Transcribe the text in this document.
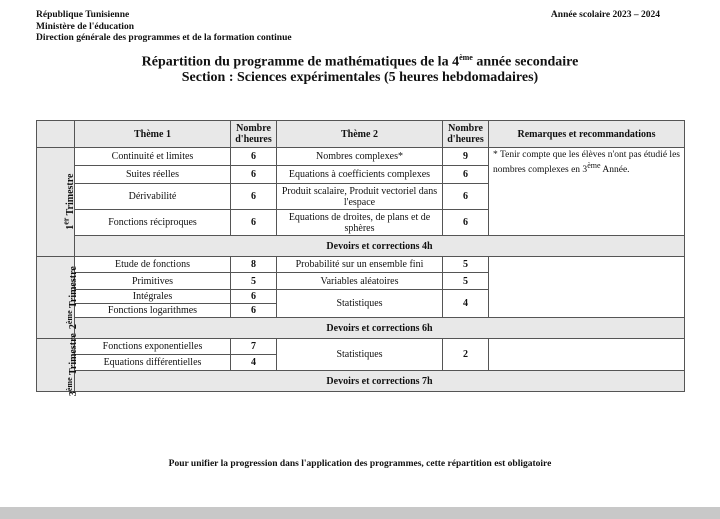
République Tunisienne
Ministère de l'éducation
Direction générale des programmes et de la formation continue
Année scolaire 2023 – 2024
Répartition du programme de mathématiques de la 4ème année secondaire
Section : Sciences expérimentales (5 heures hebdomadaires)
	Thème 1	Nombre d'heures	Thème 2	Nombre d'heures	Remarques et recommandations
1er Trimestre	Continuité et limites	6	Nombres complexes*	9	* Tenir compte que les élèves n'ont pas étudié les nombres complexes en 3ème Année.
	Suites réelles	6	Equations à coefficients complexes	6	
	Dérivabilité	6	Produit scalaire, Produit vectoriel dans l'espace	6	
	Fonctions réciproques	6	Equations de droites, de plans et de sphères	6	
	Devoirs et corrections 4h				
2ème Trimestre	Etude de fonctions	8	Probabilité sur un ensemble fini	5	
	Primitives	5	Variables aléatoires	5	
	Intégrales	6	Statistiques	4	
	Fonctions logarithmes	6			
	Devoirs et corrections 6h				
3ème Trimestre	Fonctions exponentielles	7	Statistiques	2	
	Equations différentielles	4			
	Devoirs et corrections 7h				
Pour unifier la progression dans l'application des programmes, cette répartition est obligatoire
